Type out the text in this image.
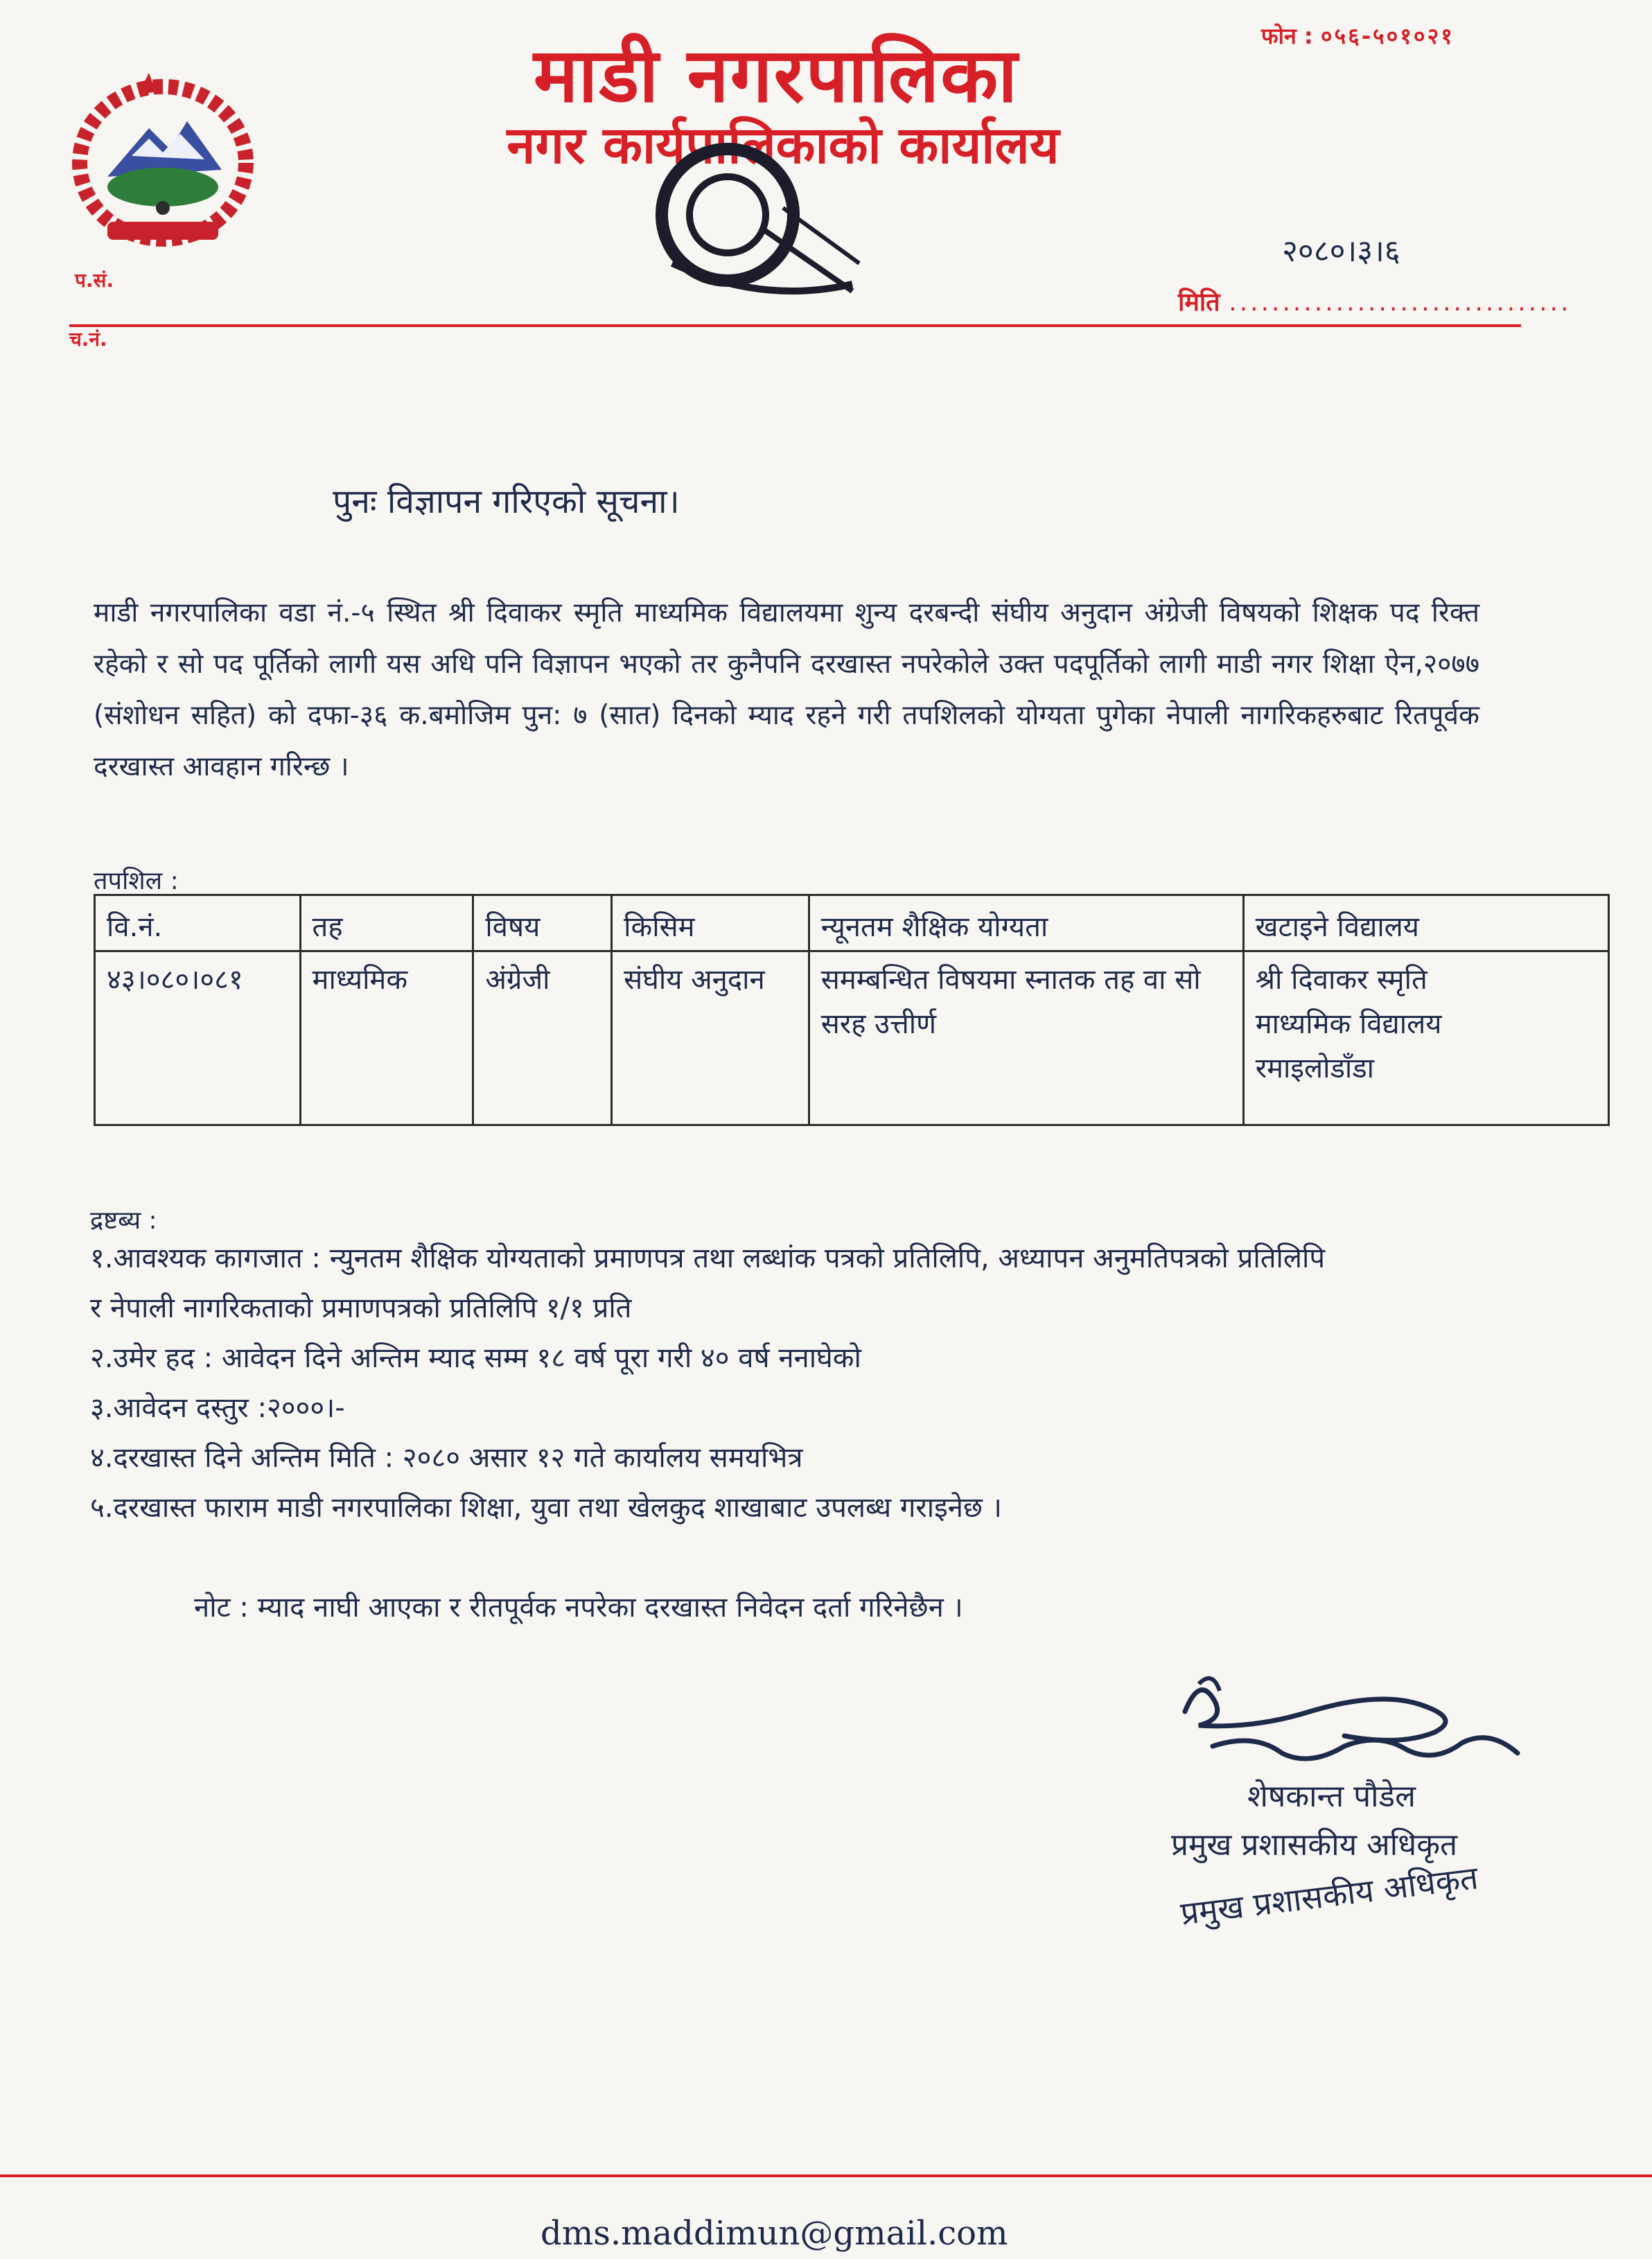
माडी नगरपालिका
नगर कार्यपालिकाको कार्यालय
फोन : ०५६-५०१०२१
प.सं.
च.नं.
२०८०।३।६
मिति ................................
पुनः विज्ञापन गरिएको सूचना।
माडी नगरपालिका वडा नं.-५ स्थित श्री दिवाकर स्मृति माध्यमिक विद्यालयमा शुन्य दरबन्दी संघीय अनुदान अंग्रेजी विषयको शिक्षक पद रिक्त रहेको र सो पद पूर्तिको लागी यस अधि पनि विज्ञापन भएको तर कुनैपनि दरखास्त नपरेकोले उक्त पदपूर्तिकाे लागी माडी नगर शिक्षा ऐन,२०७७ (संशोधन सहित) को दफा-३६ क.बमोजिम पुन: ७ (सात) दिनको म्याद रहने गरी तपशिलको योग्यता पुगेका नेपाली नागरिकहरुबाट रितपूर्वक दरखास्त आवहान गरिन्छ ।
तपशिल :
वि.नं.	तह	विषय	किसिम	न्यूनतम शैक्षिक योग्यता	खटाइने विद्यालय
४३।०८०।०८१	माध्यमिक	अंग्रेजी	संघीय अनुदान	समम्बन्धित विषयमा स्नातक तह वा सो सरह उत्तीर्ण	श्री दिवाकर स्मृति
माध्यमिक विद्यालय
रमाइलोडाँडा
द्रष्टब्य :
१.आवश्यक कागजात : न्युनतम शैक्षिक योग्यताको प्रमाणपत्र तथा लब्धांक पत्रको प्रतिलिपि, अध्यापन अनुमतिपत्रको प्रतिलिपि
र नेपाली नागरिकताको प्रमाणपत्रको प्रतिलिपि १/१ प्रति
२.उमेर हद : आवेदन दिने अन्तिम म्याद सम्म १८ वर्ष पूरा गरी ४० वर्ष ननाघेको
३.आवेदन दस्तुर :२०००।-
४.दरखास्त दिने अन्तिम मिति : २०८० असार १२ गते कार्यालय समयभित्र
५.दरखास्त फाराम माडी नगरपालिका शिक्षा, युवा तथा खेलकुद शाखाबाट उपलब्ध गराइनेछ ।
नोट : म्याद नाघी आएका र रीतपूर्वक नपरेका दरखास्त निवेदन दर्ता गरिनेछैन ।
शेषकान्त पौडेल
प्रमुख प्रशासकीय अधिकृत
प्रमुख प्रशासकीय अधिकृत
dms.maddimun@gmail.com
